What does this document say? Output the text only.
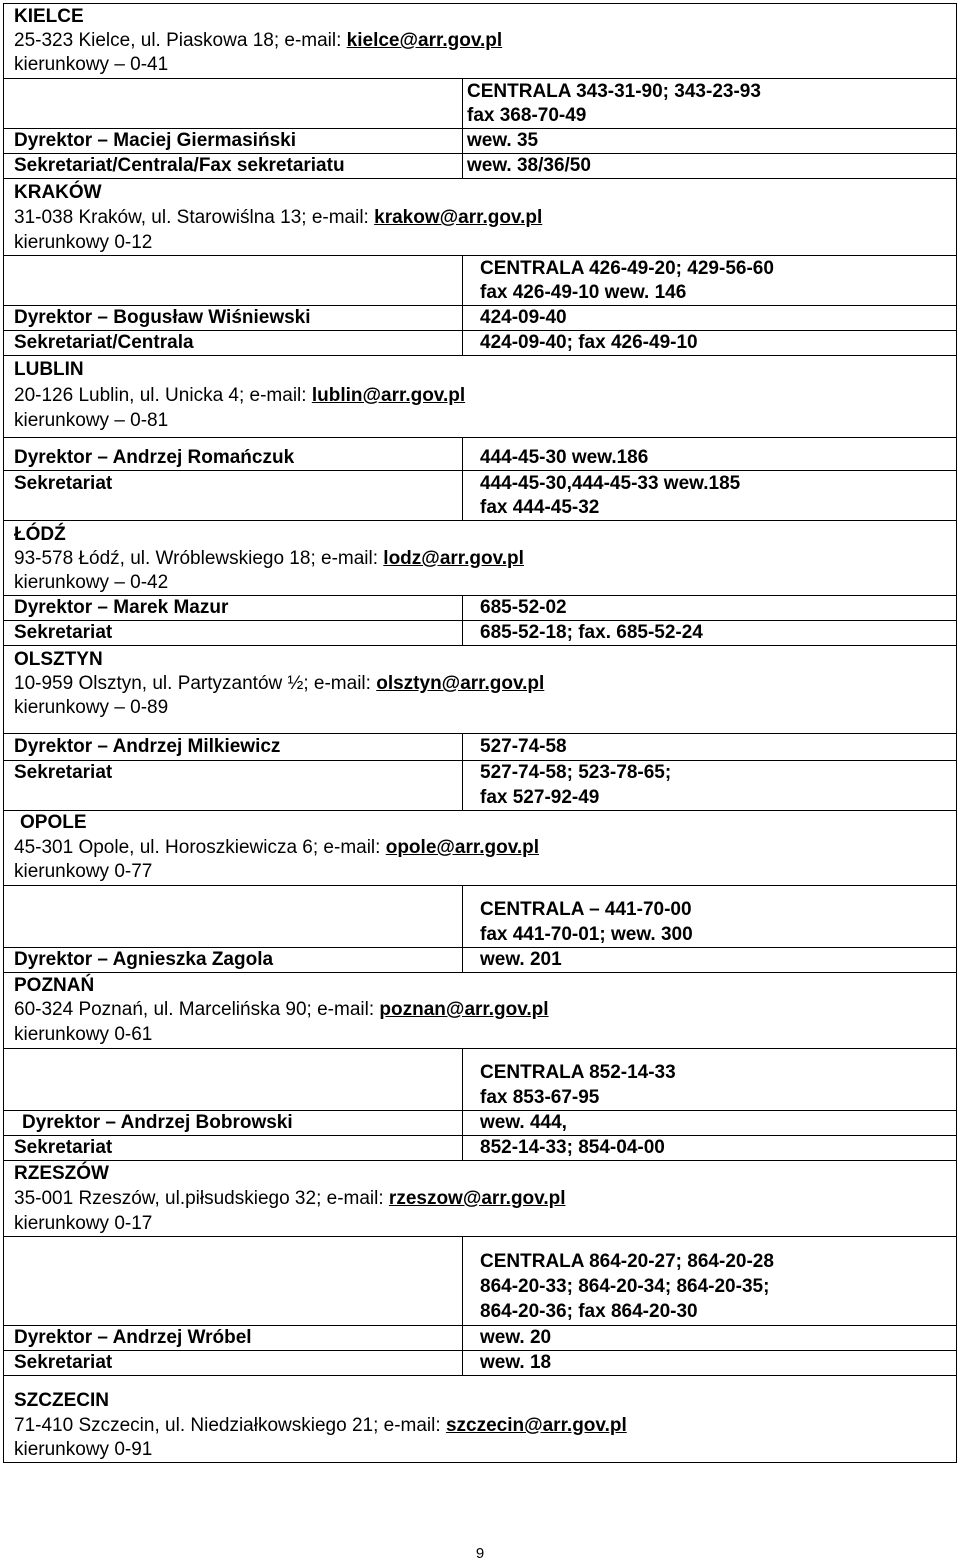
KIELCE
25-323 Kielce, ul. Piaskowa 18; e-mail: kielce@arr.gov.pl
kierunkowy – 0-41
CENTRALA 343-31-90; 343-23-93
fax 368-70-49
Dyrektor – Maciej Giermasiński	wew. 35
Sekretariat/Centrala/Fax sekretariatu	wew. 38/36/50
KRAKÓW
31-038 Kraków, ul. Starowiślna 13; e-mail: krakow@arr.gov.pl
kierunkowy 0-12
CENTRALA 426-49-20; 429-56-60
fax 426-49-10 wew. 146
Dyrektor – Bogusław Wiśniewski	424-09-40
Sekretariat/Centrala	424-09-40; fax 426-49-10
LUBLIN
20-126 Lublin, ul. Unicka 4; e-mail: lublin@arr.gov.pl
kierunkowy – 0-81
Dyrektor – Andrzej Romańczuk	444-45-30 wew.186
Sekretariat	444-45-30,444-45-33 wew.185
fax 444-45-32
ŁÓDŹ
93-578 Łódź, ul. Wróblewskiego 18; e-mail: lodz@arr.gov.pl
kierunkowy – 0-42
Dyrektor – Marek Mazur	685-52-02
Sekretariat	685-52-18; fax. 685-52-24
OLSZTYN
10-959 Olsztyn, ul. Partyzantów ½; e-mail: olsztyn@arr.gov.pl
kierunkowy – 0-89
Dyrektor – Andrzej Milkiewicz	527-74-58
Sekretariat	527-74-58; 523-78-65;
fax 527-92-49
OPOLE
45-301 Opole, ul. Horoszkiewicza 6; e-mail: opole@arr.gov.pl
kierunkowy 0-77
CENTRALA – 441-70-00
fax 441-70-01; wew. 300
Dyrektor – Agnieszka Zagola	wew. 201
POZNAŃ
60-324 Poznań, ul. Marcelińska 90; e-mail: poznan@arr.gov.pl
kierunkowy 0-61
CENTRALA 852-14-33
fax 853-67-95
Dyrektor – Andrzej Bobrowski	wew. 444,
Sekretariat	852-14-33; 854-04-00
RZESZÓW
35-001 Rzeszów, ul.piłsudskiego 32; e-mail: rzeszow@arr.gov.pl
kierunkowy 0-17
CENTRALA 864-20-27; 864-20-28
864-20-33; 864-20-34; 864-20-35;
864-20-36; fax 864-20-30
Dyrektor – Andrzej Wróbel	wew. 20
Sekretariat	wew. 18
SZCZECIN
71-410 Szczecin, ul. Niedziałkowskiego 21; e-mail: szczecin@arr.gov.pl
kierunkowy 0-91
9
